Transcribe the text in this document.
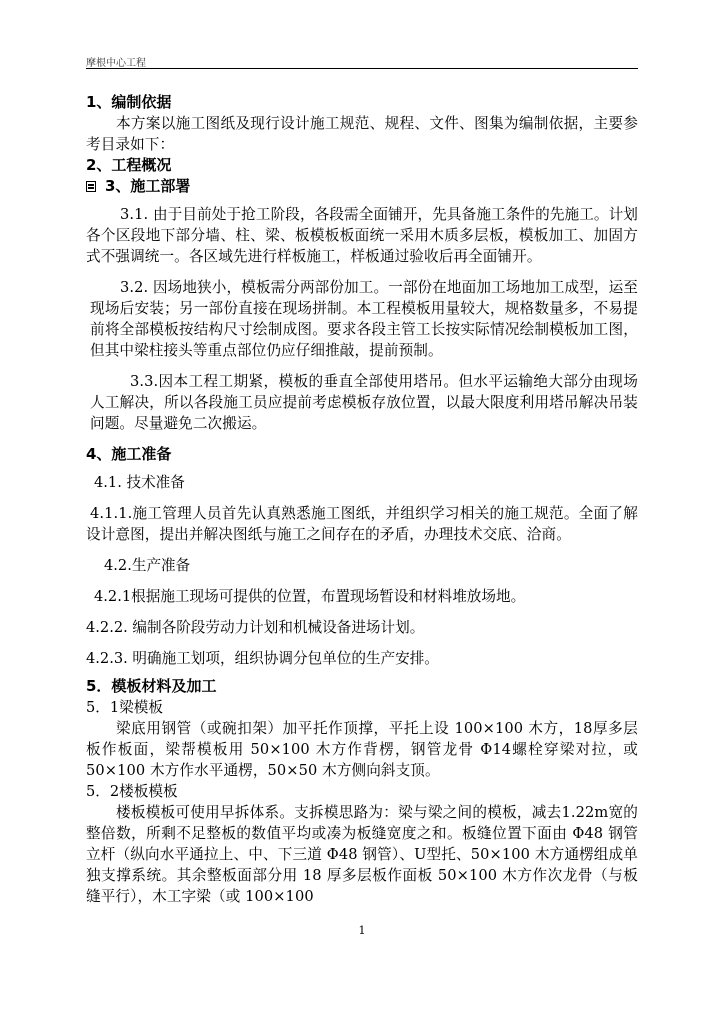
摩根中心工程

1、编制依据

本方案以施工图纸及现行设计施工规范、规程、文件、图集为编制依据，主要参考目录如下：

2、工程概况

3、施工部署

3.1. 由于目前处于抢工阶段，各段需全面铺开，先具备施工条件的先施工。计划各个区段地下部分墙、柱、梁、板模板板面统一采用木质多层板，模板加工、加固方式不强调统一。各区域先进行样板施工，样板通过验收后再全面铺开。

3.2. 因场地狭小，模板需分两部份加工。一部份在地面加工场地加工成型，运至现场后安装；另一部份直接在现场拼制。本工程模板用量较大，规格数量多，不易提前将全部模板按结构尺寸绘制成图。要求各段主管工长按实际情况绘制模板加工图，但其中梁柱接头等重点部位仍应仔细推敲，提前预制。

3.3.因本工程工期紧，模板的垂直全部使用塔吊。但水平运输绝大部分由现场人工解决，所以各段施工员应提前考虑模板存放位置，以最大限度利用塔吊解决吊装问题。尽量避免二次搬运。

4、施工准备

4.1. 技术准备

4.1.1.施工管理人员首先认真熟悉施工图纸，并组织学习相关的施工规范。全面了解设计意图，提出并解决图纸与施工之间存在的矛盾，办理技术交底、洽商。

4.2.生产准备

4.2.1根据施工现场可提供的位置，布置现场暂设和材料堆放场地。

4.2.2. 编制各阶段劳动力计划和机械设备进场计划。

4.2.3. 明确施工划项，组织协调分包单位的生产安排。

5．模板材料及加工

5．1梁模板

梁底用钢管（或碗扣架）加平托作顶撑，平托上设 100×100 木方，18厚多层板作板面，梁帮模板用 50×100 木方作背楞，钢管龙骨 Φ14螺栓穿梁对拉，或 50×100 木方作水平通楞，50×50 木方侧向斜支顶。

5．2楼板模板

楼板模板可使用早拆体系。支拆模思路为：梁与梁之间的模板，减去1.22m宽的整倍数，所剩不足整板的数值平均或凑为板缝宽度之和。板缝位置下面由 Φ48 钢管立杆（纵向水平通拉上、中、下三道 Φ48 钢管）、U型托、50×100 木方通楞组成单独支撑系统。其余整板面部分用 18 厚多层板作面板 50×100 木方作次龙骨（与板缝平行），木工字梁（或 100×100

1
